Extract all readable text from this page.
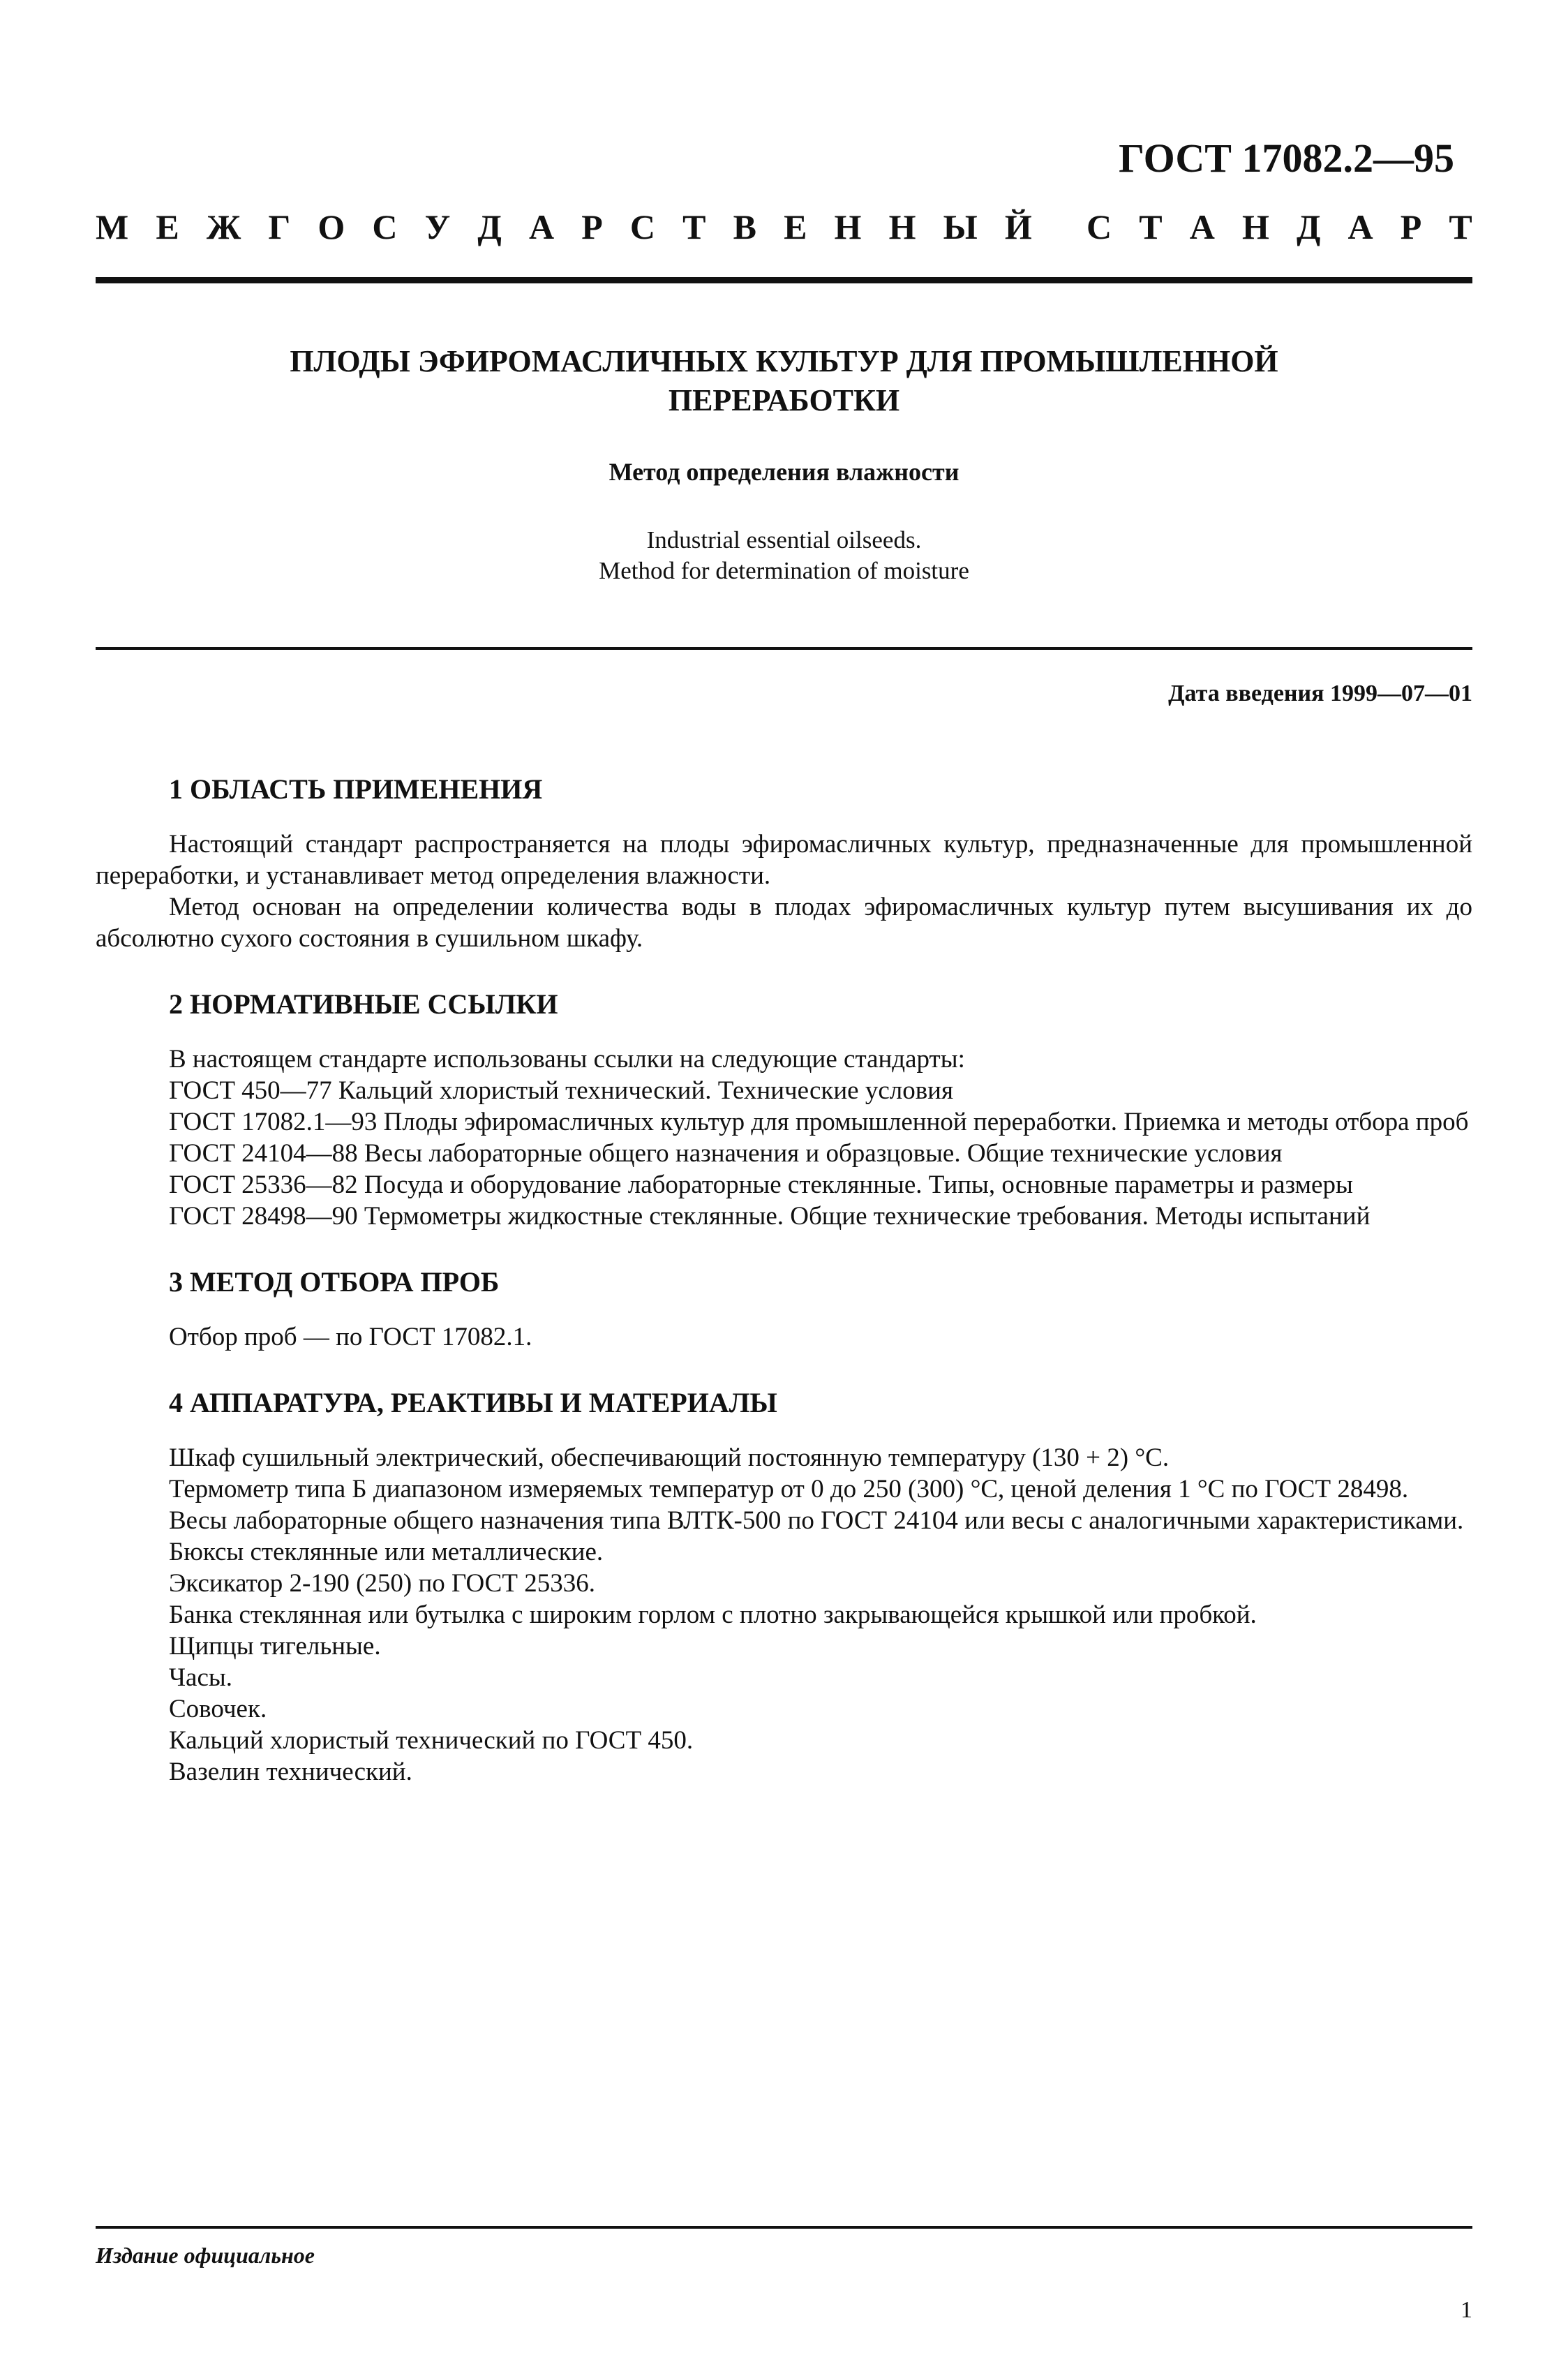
ГОСТ 17082.2—95
М Е Ж Г О С У Д А Р С Т В Е Н Н Ы Й С Т А Н Д А Р Т
ПЛОДЫ ЭФИРОМАСЛИЧНЫХ КУЛЬТУР ДЛЯ ПРОМЫШЛЕННОЙ
ПЕРЕРАБОТКИ

Метод определения влажности

Industrial essential oilseeds.
Method for determination of moisture

Дата введения 1999—07—01

1 ОБЛАСТЬ ПРИМЕНЕНИЯ

Настоящий стандарт распространяется на плоды эфиромасличных культур, предназначенные для промышленной переработки, и устанавливает метод определения влажности.

Метод основан на определении количества воды в плодах эфиромасличных культур путем высушивания их до абсолютно сухого состояния в сушильном шкафу.

2 НОРМАТИВНЫЕ ССЫЛКИ

В настоящем стандарте использованы ссылки на следующие стандарты:

ГОСТ 450—77 Кальций хлористый технический. Технические условия

ГОСТ 17082.1—93 Плоды эфиромасличных культур для промышленной переработки. Приемка и методы отбора проб

ГОСТ 24104—88 Весы лабораторные общего назначения и образцовые. Общие технические условия

ГОСТ 25336—82 Посуда и оборудование лабораторные стеклянные. Типы, основные параметры и размеры

ГОСТ 28498—90 Термометры жидкостные стеклянные. Общие технические требования. Методы испытаний

3 МЕТОД ОТБОРА ПРОБ

Отбор проб — по ГОСТ 17082.1.

4 АППАРАТУРА, РЕАКТИВЫ И МАТЕРИАЛЫ

Шкаф сушильный электрический, обеспечивающий постоянную температуру (130 + 2) °С.

Термометр типа Б диапазоном измеряемых температур от 0 до 250 (300) °С, ценой деления 1 °С по ГОСТ 28498.

Весы лабораторные общего назначения типа ВЛТК-500 по ГОСТ 24104 или весы с аналогичными характеристиками.

Бюксы стеклянные или металлические.

Эксикатор 2-190 (250) по ГОСТ 25336.

Банка стеклянная или бутылка с широким горлом с плотно закрывающейся крышкой или пробкой.

Щипцы тигельные.

Часы.

Совочек.

Кальций хлористый технический по ГОСТ 450.

Вазелин технический.

Издание официальное

1
